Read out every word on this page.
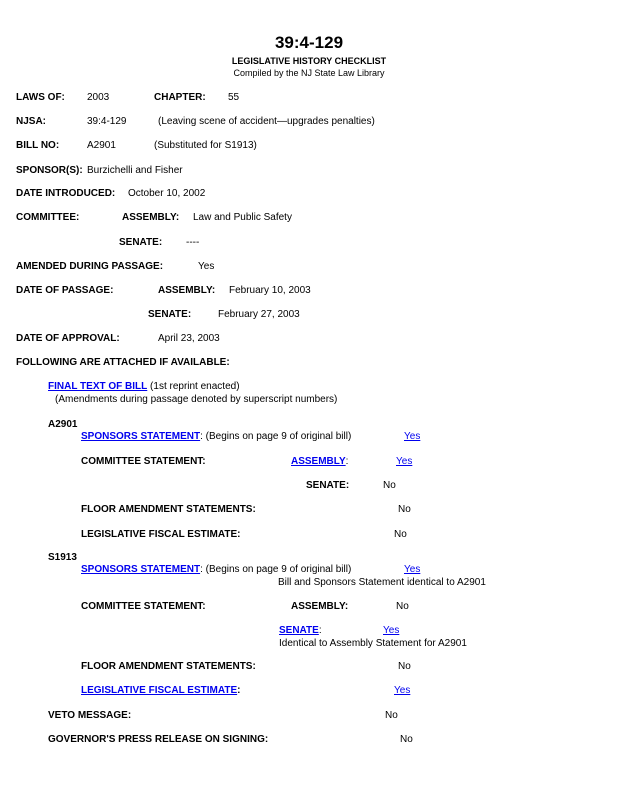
39:4-129
LEGISLATIVE HISTORY CHECKLIST
Compiled by the NJ State Law Library
LAWS OF: 2003	CHAPTER: 55
NJSA:	39:4-129	(Leaving scene of accident—upgrades penalties)
BILL NO:	A2901	(Substituted for S1913)
SPONSOR(S): Burzichelli and Fisher
DATE INTRODUCED: October 10, 2002
COMMITTEE:	ASSEMBLY: Law and Public Safety
SENATE: ----
AMENDED DURING PASSAGE:	Yes
DATE OF PASSAGE:	ASSEMBLY: February 10, 2003
SENATE:	February 27, 2003
DATE OF APPROVAL:	April 23, 2003
FOLLOWING ARE ATTACHED IF AVAILABLE:
FINAL TEXT OF BILL (1st reprint enacted)
(Amendments during passage denoted by superscript numbers)
A2901
SPONSORS STATEMENT: (Begins on page 9 of original bill)	Yes
COMMITTEE STATEMENT:	ASSEMBLY:	Yes
SENATE:	No
FLOOR AMENDMENT STATEMENTS:	No
LEGISLATIVE FISCAL ESTIMATE:	No
S1913
SPONSORS STATEMENT: (Begins on page 9 of original bill)	Yes
Bill and Sponsors Statement identical to A2901
COMMITTEE STATEMENT:	ASSEMBLY:	No
SENATE:	Yes
Identical to Assembly Statement for A2901
FLOOR AMENDMENT STATEMENTS:	No
LEGISLATIVE FISCAL ESTIMATE:	Yes
VETO MESSAGE:	No
GOVERNOR'S PRESS RELEASE ON SIGNING:	No
